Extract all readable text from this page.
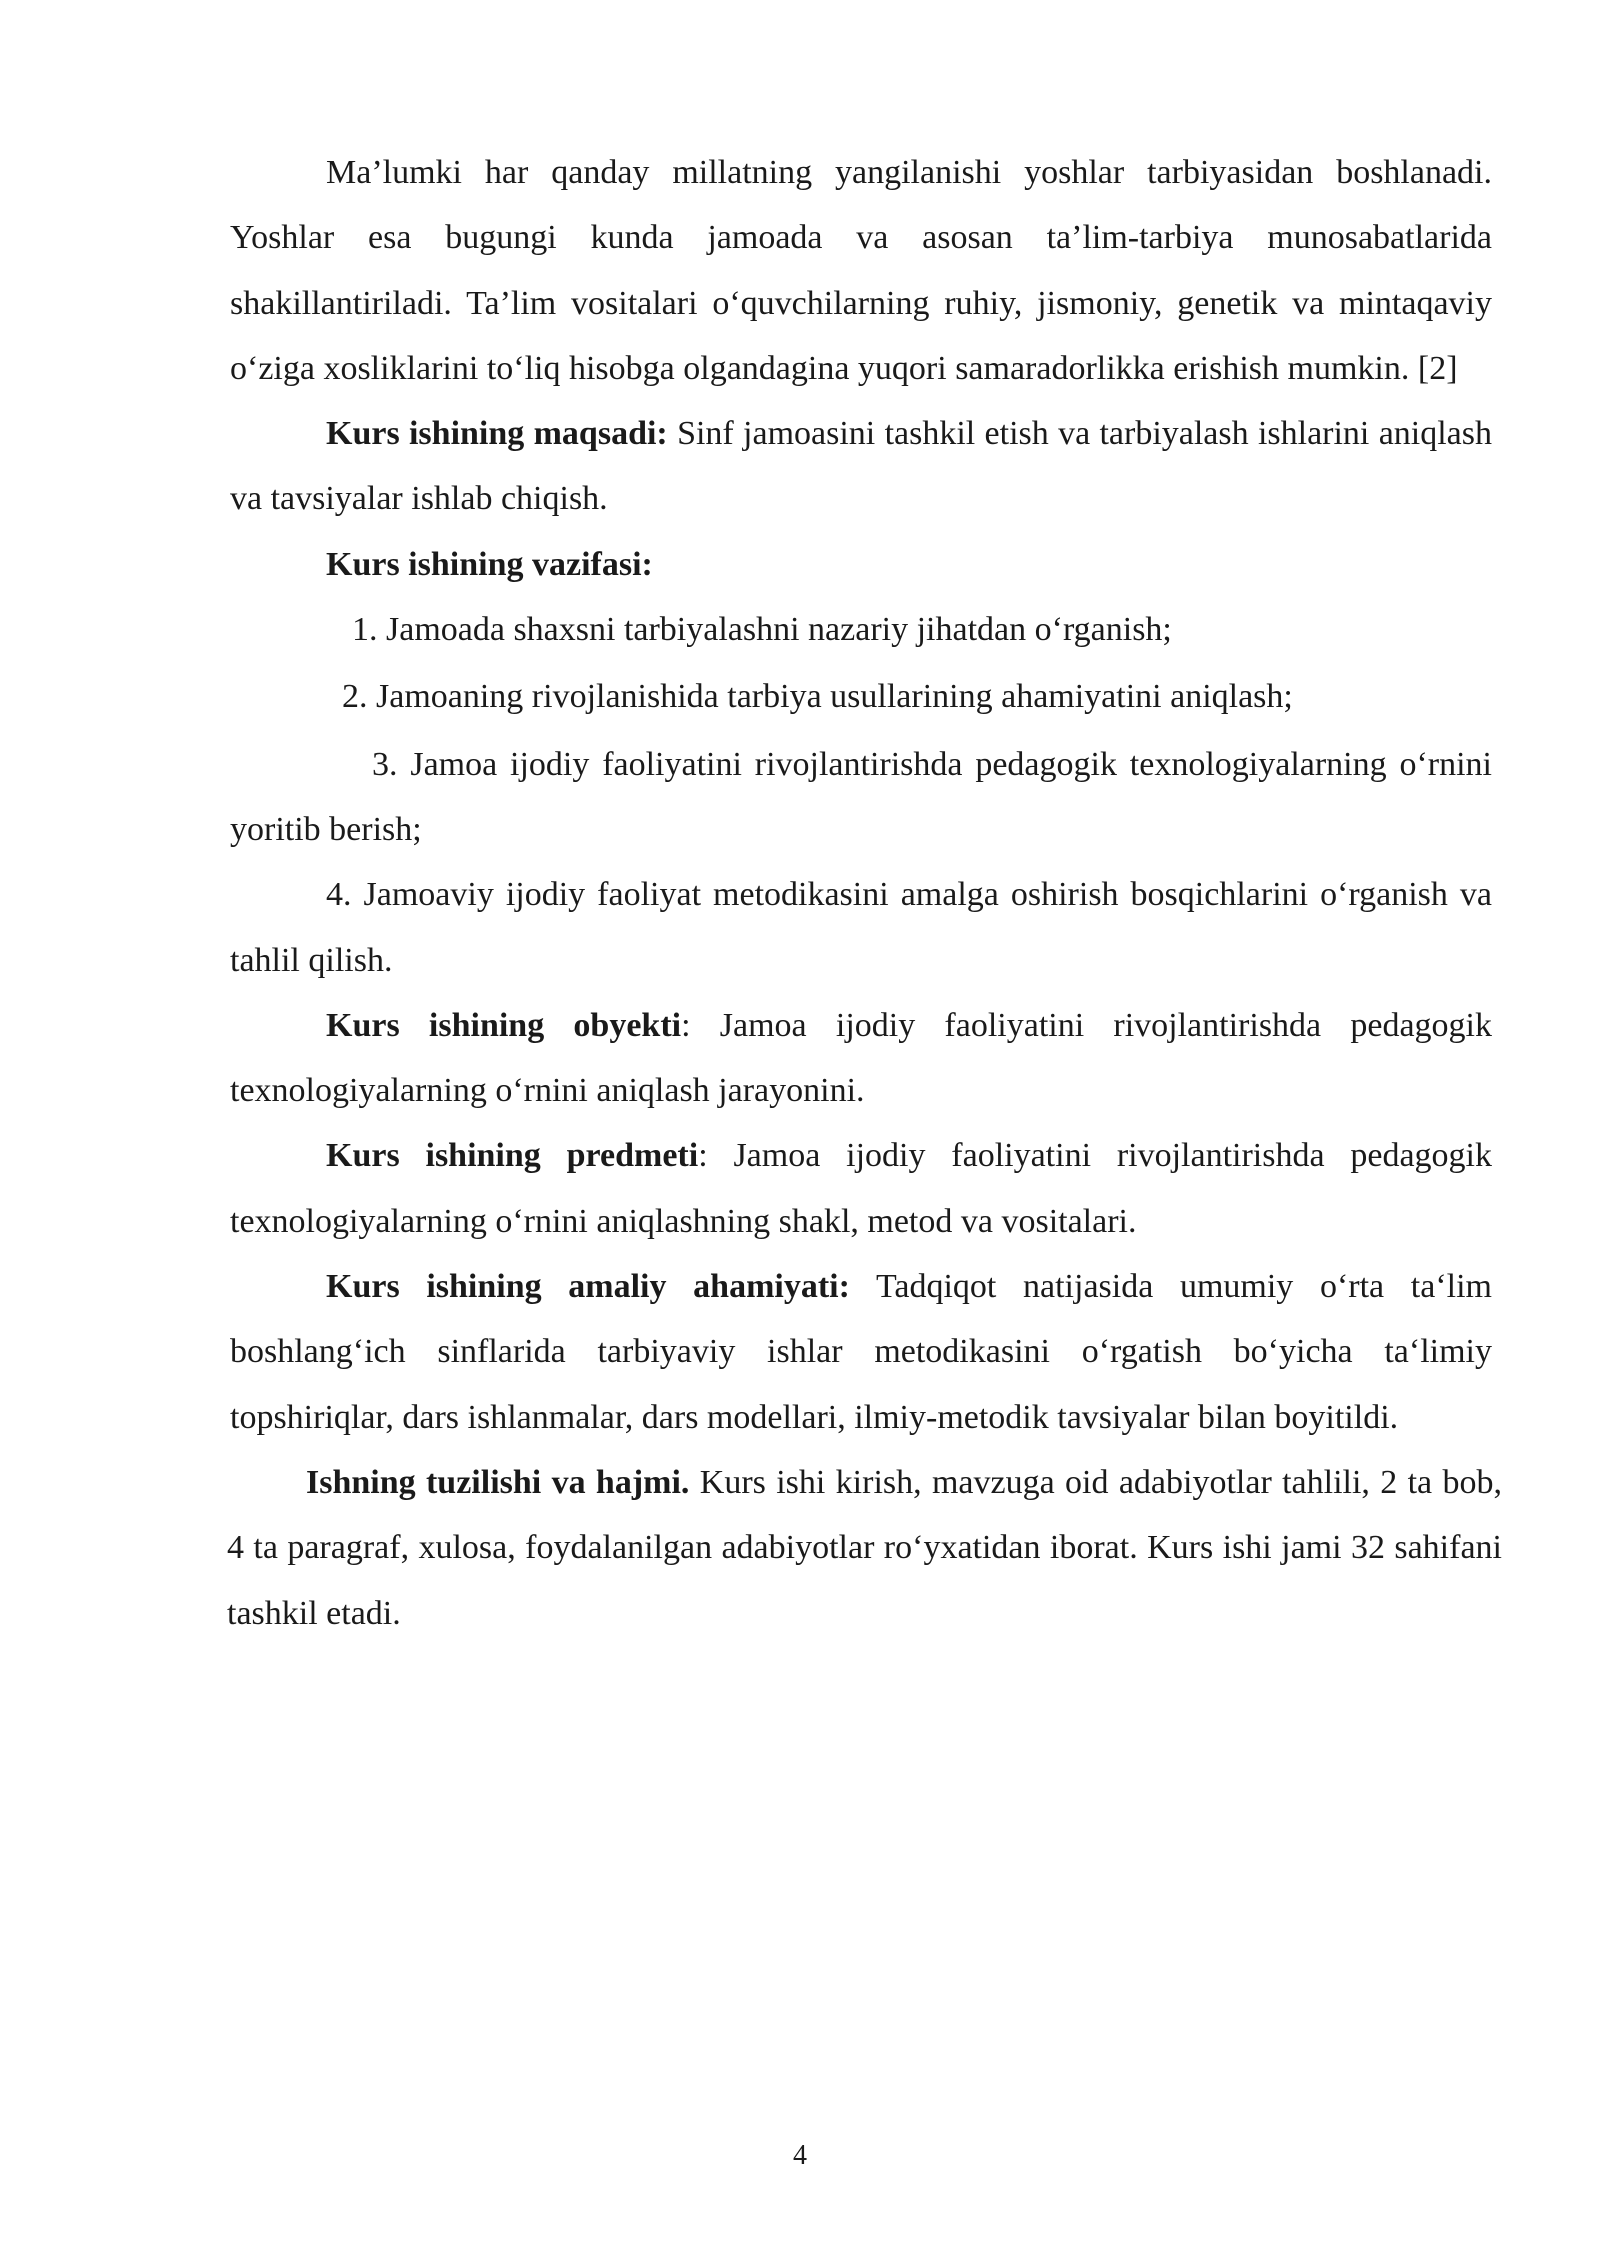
Ma’lumki har qanday millatning yangilanishi yoshlar tarbiyasidan boshlanadi. Yoshlar esa bugungi kunda jamoada va asosan ta’lim-tarbiya munosabatlarida shakillantiriladi. Ta’lim vositalari o‘quvchilarning ruhiy, jismoniy, genetik va mintaqaviy o‘ziga xosliklarini to‘liq hisobga olgandagina yuqori samaradorlikka erishish mumkin. [2]

Kurs ishining maqsadi: Sinf jamoasini tashkil etish va tarbiyalash ishlarini aniqlash va tavsiyalar ishlab chiqish.

Kurs ishining vazifasi:

1. Jamoada shaxsni tarbiyalashni nazariy jihatdan o‘rganish;

2. Jamoaning rivojlanishida tarbiya usullarining ahamiyatini aniqlash;

3. Jamoa ijodiy faoliyatini rivojlantirishda pedagogik texnologiyalarning o‘rnini yoritib berish;

4. Jamoaviy ijodiy faoliyat metodikasini amalga oshirish bosqichlarini o‘rganish va tahlil qilish.

Kurs ishining obyekti: Jamoa ijodiy faoliyatini rivojlantirishda pedagogik texnologiyalarning o‘rnini aniqlash jarayonini.

Kurs ishining predmeti: Jamoa ijodiy faoliyatini rivojlantirishda pedagogik texnologiyalarning o‘rnini aniqlashning shakl, metod va vositalari.

Kurs ishining amaliy ahamiyati: Tadqiqot natijasida umumiy o‘rta ta‘lim boshlang‘ich sinflarida tarbiyaviy ishlar metodikasini o‘rgatish bo‘yicha ta‘limiy topshiriqlar, dars ishlanmalar, dars modellari, ilmiy-metodik tavsiyalar bilan boyitildi.

Ishning tuzilishi va hajmi. Kurs ishi kirish, mavzuga oid adabiyotlar tahlili, 2 ta bob, 4 ta paragraf, xulosa, foydalanilgan adabiyotlar ro‘yxatidan iborat. Kurs ishi jami 32 sahifani tashkil etadi.

4
